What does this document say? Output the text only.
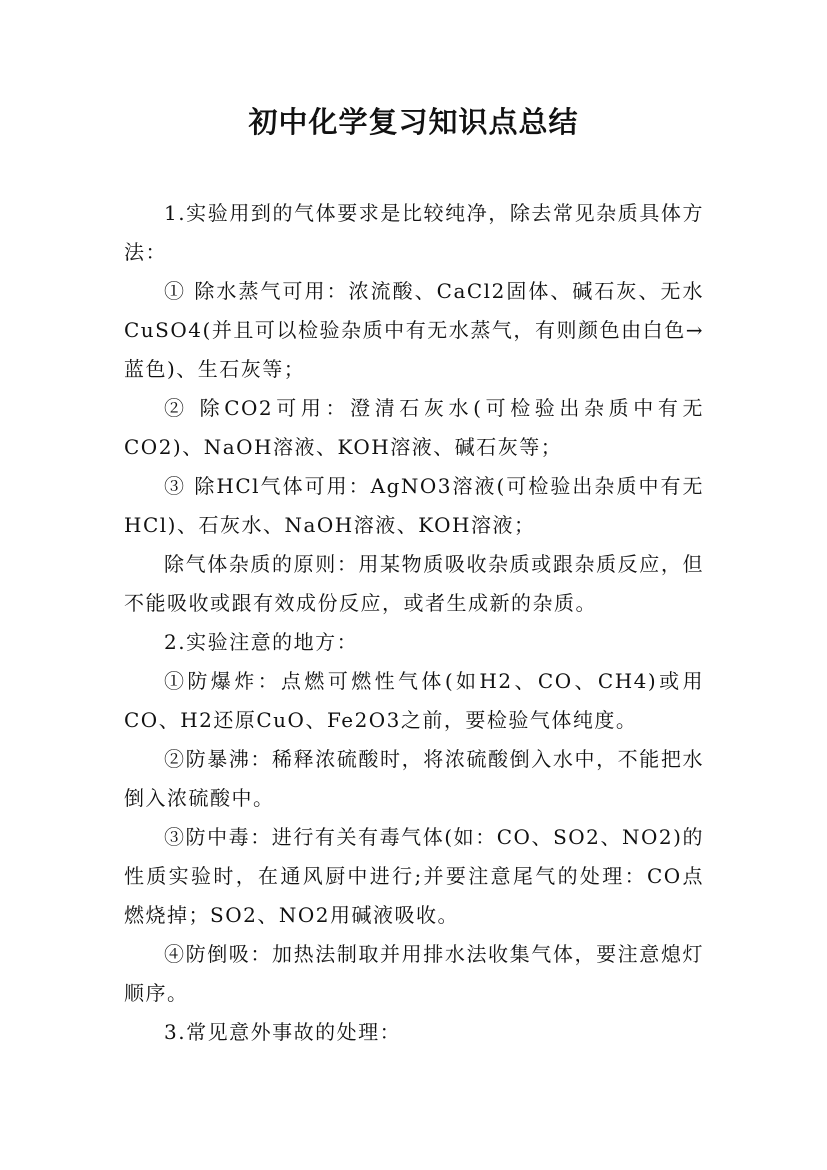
初中化学复习知识点总结

1.实验用到的气体要求是比较纯净，除去常见杂质具体方法：

① 除水蒸气可用：浓流酸、CaCl2固体、碱石灰、无水CuSO4(并且可以检验杂质中有无水蒸气，有则颜色由白色→蓝色)、生石灰等；

② 除CO2可用：澄清石灰水(可检验出杂质中有无CO2)、NaOH溶液、KOH溶液、碱石灰等；

③ 除HCl气体可用：AgNO3溶液(可检验出杂质中有无HCl)、石灰水、NaOH溶液、KOH溶液；

除气体杂质的原则：用某物质吸收杂质或跟杂质反应，但不能吸收或跟有效成份反应，或者生成新的杂质。

2.实验注意的地方：

①防爆炸：点燃可燃性气体(如H2、CO、CH4)或用CO、H2还原CuO、Fe2O3之前，要检验气体纯度。

②防暴沸：稀释浓硫酸时，将浓硫酸倒入水中，不能把水倒入浓硫酸中。

③防中毒：进行有关有毒气体(如：CO、SO2、NO2)的性质实验时，在通风厨中进行;并要注意尾气的处理：CO点燃烧掉；SO2、NO2用碱液吸收。

④防倒吸：加热法制取并用排水法收集气体，要注意熄灯顺序。

3.常见意外事故的处理：
